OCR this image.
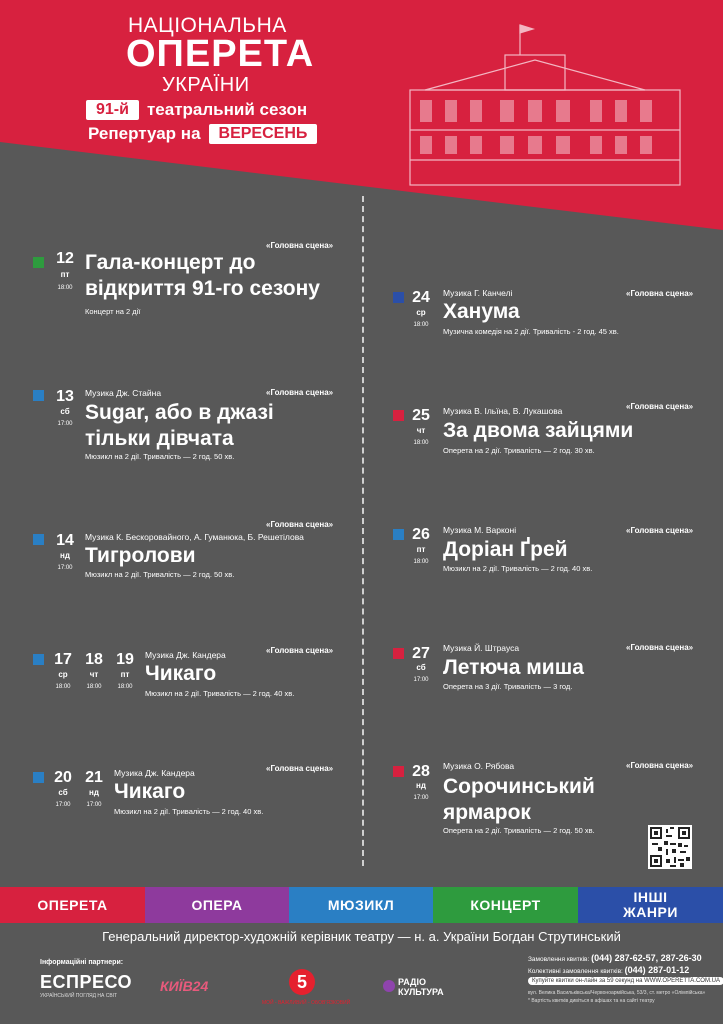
НАЦІОНАЛЬНА
ОПЕРЕТА
УКРАЇНИ
91-й	театральний сезон
Репертуар на	ВЕРЕСЕНЬ
12
пт
18:00
«Головна сцена»
Гала-концерт до
відкриття 91-го сезону
Концерт на 2 дії
13
сб
17:00
Музика Дж. Стайна	«Головна сцена»
Sugar, або в джазі
тільки дівчата
Мюзикл на 2 дії. Тривалість — 2 год. 50 хв.
14
нд
17:00
«Головна сцена»
Музика К. Бескоровайного, А. Гуманюка, Б. Решетілова
Тигролови
Мюзикл на 2 дії. Тривалість — 2 год. 50 хв.
17
ср
18:00
18
чт
18:00
19
пт
18:00
Музика Дж. Кандера	«Головна сцена»
Чикаго
Мюзикл на 2 дії. Тривалість — 2 год. 40 хв.
20
сб
17:00
21
нд
17:00
Музика Дж. Кандера	«Головна сцена»
Чикаго
Мюзикл на 2 дії. Тривалість — 2 год. 40 хв.
24
ср
18:00
Музика Г. Канчелі	«Головна сцена»
Ханума
Музична комедія на 2 дії. Тривалість - 2 год. 45 хв.
25
чт
18:00
Музика В. Ільїна, В. Лукашова	«Головна сцена»
За двома зайцями
Оперета на 2 дії. Тривалість — 2 год. 30 хв.
26
пт
18:00
Музика М. Варконі	«Головна сцена»
Доріан Ґрей
Мюзикл на 2 дії. Тривалість — 2 год. 40 хв.
27
сб
17:00
Музика Й. Штрауса	«Головна сцена»
Летюча миша
Оперета на 3 дії. Тривалість — 3 год.
28
нд
17:00
Музика О. Рябова	«Головна сцена»
Сорочинський
ярмарок
Оперета на 2 дії. Тривалість — 2 год. 50 хв.
ОПЕРЕТА	ОПЕРА	МЮЗИКЛ	КОНЦЕРТ	ІНШІ ЖАНРИ
Генеральний директор-художній керівник театру — н. а. України Богдан Струтинський
Інформаційні партнери:
ЕСПРЕСО
УКРАЇНСЬКИЙ ПОГЛЯД НА СВІТ
КИЇВ24	5
МОЙ - ВАЖЛИВИЙ - ОБОВ'ЯЗКОВИЙ
РАДІО
КУЛЬТУРА
Замовлення квитків: (044) 287-62-57, 287-26-30
Колективні замовлення квитків: (044) 287-01-12
Купуйте квитки он-лайн за 59 секунд на WWW.OPERETTA.COM.UA
вул. Велика Васильківська/Червоноармійська, 53/3, ст. метро «Олімпійська»
* Вартість квитків дивіться в афішах та на сайті театру
